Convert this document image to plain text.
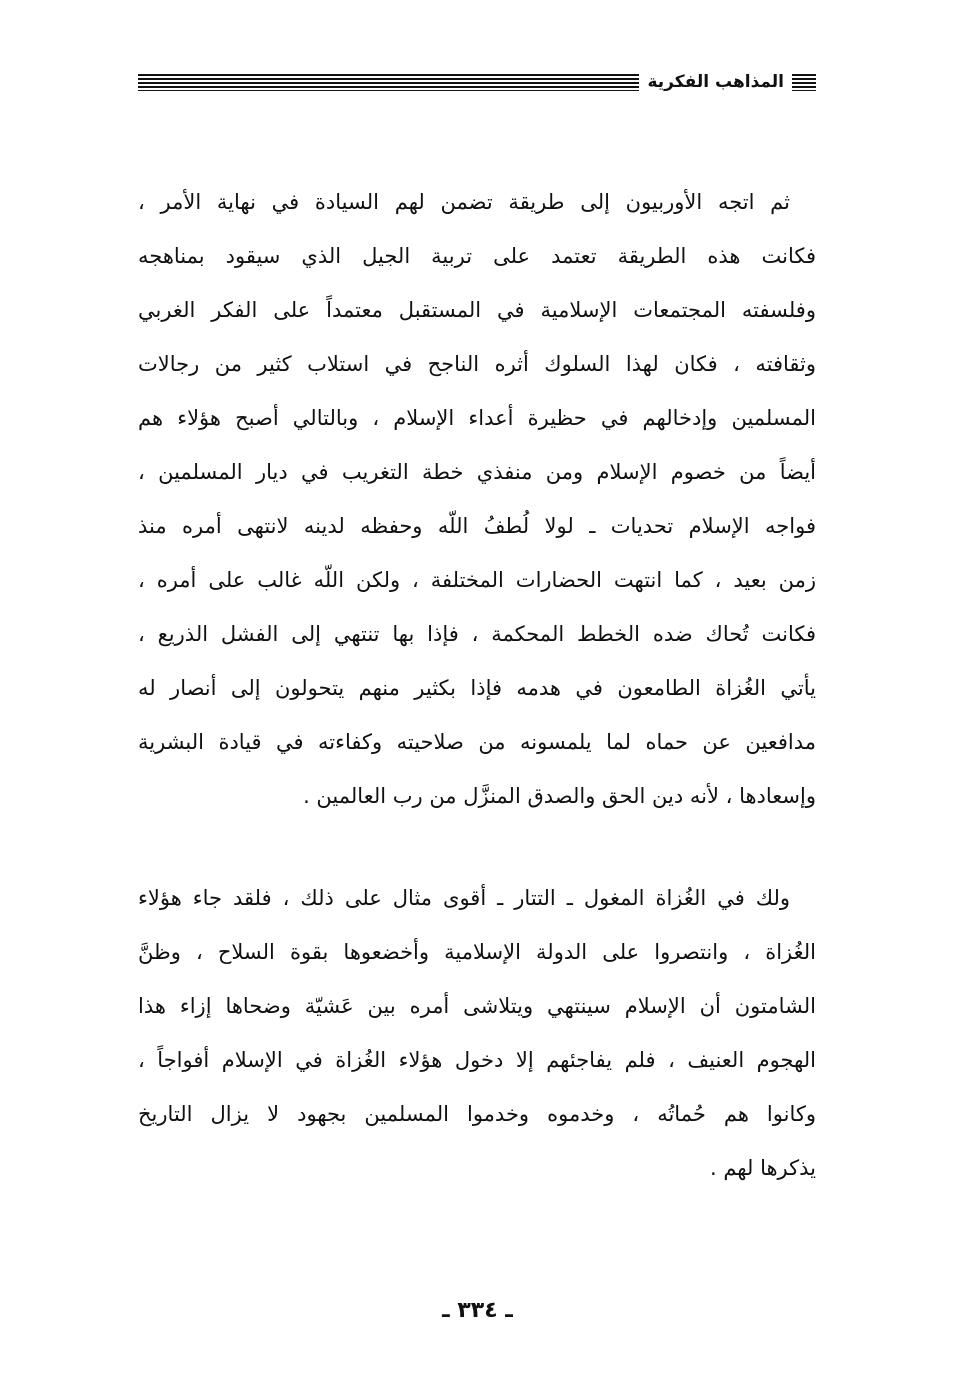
المذاهب الفكرية
ثم اتجه الأوربيون إلى طريقة تضمن لهم السيادة في نهاية الأمر ،
فكانت هذه الطريقة تعتمد على تربية الجيل الذي سيقود بمناهجه
وفلسفته المجتمعات الإسلامية في المستقبل معتمداً على الفكر الغربي
وثقافته ، فكان لهذا السلوك أثره الناجح في استلاب كثير من رجالات
المسلمين وإدخالهم في حظيرة أعداء الإسلام ، وبالتالي أصبح هؤلاء هم
أيضاً من خصوم الإسلام ومن منفذي خطة التغريب في ديار المسلمين ،
فواجه الإسلام تحديات ـ لولا لُطفُ اللّه وحفظه لدينه لانتهى أمره منذ
زمن بعيد ، كما انتهت الحضارات المختلفة ، ولكن اللّه غالب على أمره ،
فكانت تُحاك ضده الخطط المحكمة ، فإذا بها تنتهي إلى الفشل الذريع ،
يأتي الغُزاة الطامعون في هدمه فإذا بكثير منهم يتحولون إلى أنصار له
مدافعين عن حماه لما يلمسونه من صلاحيته وكفاءته في قيادة البشرية
وإسعادها ، لأنه دين الحق والصدق المنزَّل من رب العالمين .
ولك في الغُزاة المغول ـ التتار ـ أقوى مثال على ذلك ، فلقد جاء هؤلاء
الغُزاة ، وانتصروا على الدولة الإسلامية وأخضعوها بقوة السلاح ، وظنَّ
الشامتون أن الإسلام سينتهي ويتلاشى أمره بين عَشيّة وضحاها إزاء هذا
الهجوم العنيف ، فلم يفاجئهم إلا دخول هؤلاء الغُزاة في الإسلام أفواجاً ،
وكانوا هم حُماتُه ، وخدموه وخدموا المسلمين بجهود لا يزال التاريخ
يذكرها لهم .
ـ ٣٣٤ ـ
